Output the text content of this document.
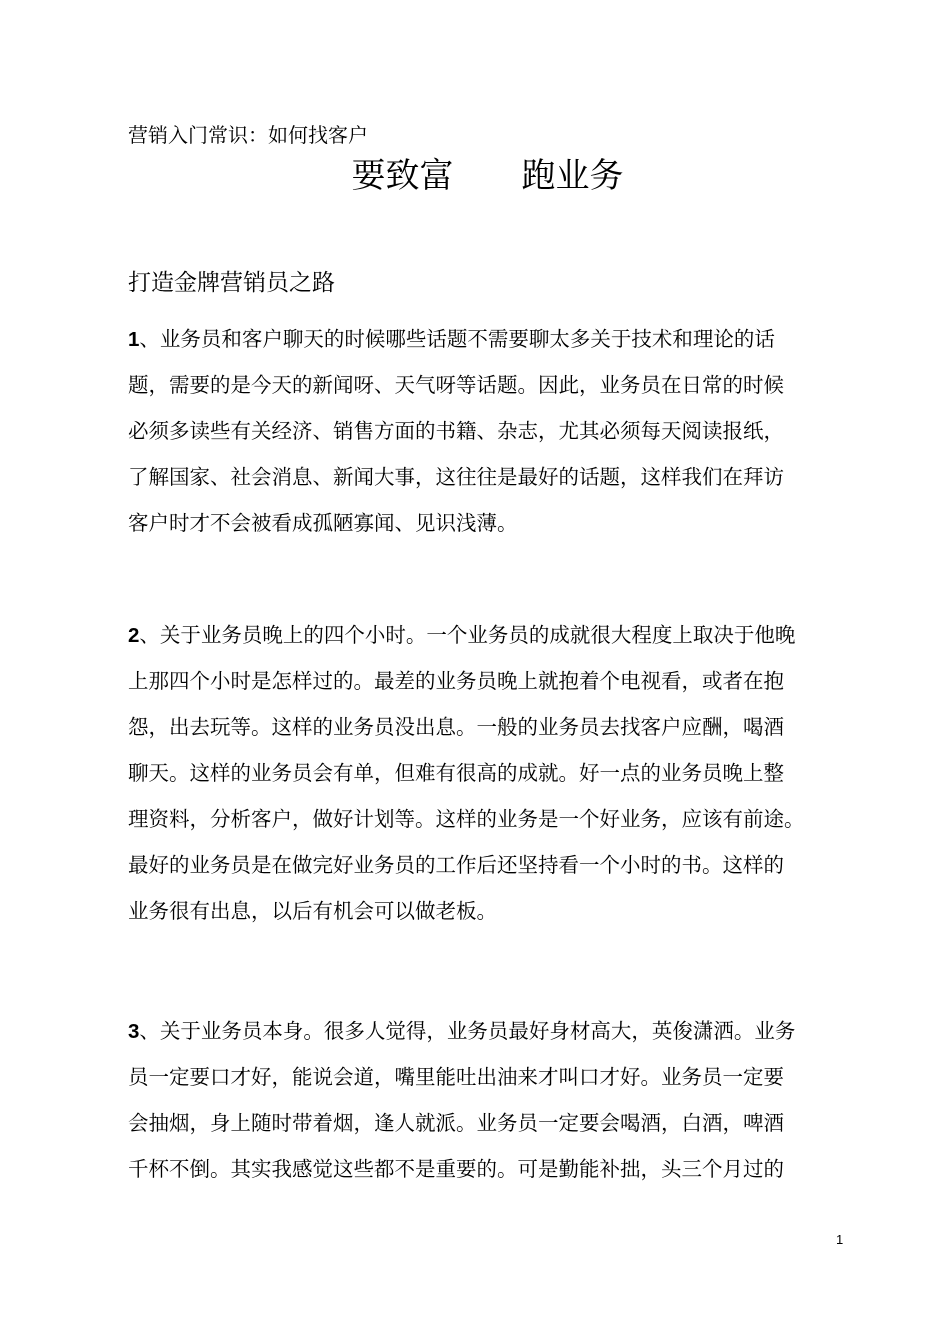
营销入门常识：如何找客户
要致富　　跑业务
打造金牌营销员之路
1、业务员和客户聊天的时候哪些话题不需要聊太多关于技术和理论的话
题，需要的是今天的新闻呀、天气呀等话题。因此，业务员在日常的时候
必须多读些有关经济、销售方面的书籍、杂志，尤其必须每天阅读报纸，
了解国家、社会消息、新闻大事，这往往是最好的话题，这样我们在拜访
客户时才不会被看成孤陋寡闻、见识浅薄。
2、关于业务员晚上的四个小时。一个业务员的成就很大程度上取决于他晚
上那四个小时是怎样过的。最差的业务员晚上就抱着个电视看，或者在抱
怨，出去玩等。这样的业务员没出息。一般的业务员去找客户应酬，喝酒
聊天。这样的业务员会有单，但难有很高的成就。好一点的业务员晚上整
理资料，分析客户，做好计划等。这样的业务是一个好业务，应该有前途。
最好的业务员是在做完好业务员的工作后还坚持看一个小时的书。这样的
业务很有出息，以后有机会可以做老板。
3、关于业务员本身。很多人觉得，业务员最好身材高大，英俊潇洒。业务
员一定要口才好，能说会道，嘴里能吐出油来才叫口才好。业务员一定要
会抽烟，身上随时带着烟，逢人就派。业务员一定要会喝酒，白酒，啤酒
千杯不倒。其实我感觉这些都不是重要的。可是勤能补拙，头三个月过的
1
